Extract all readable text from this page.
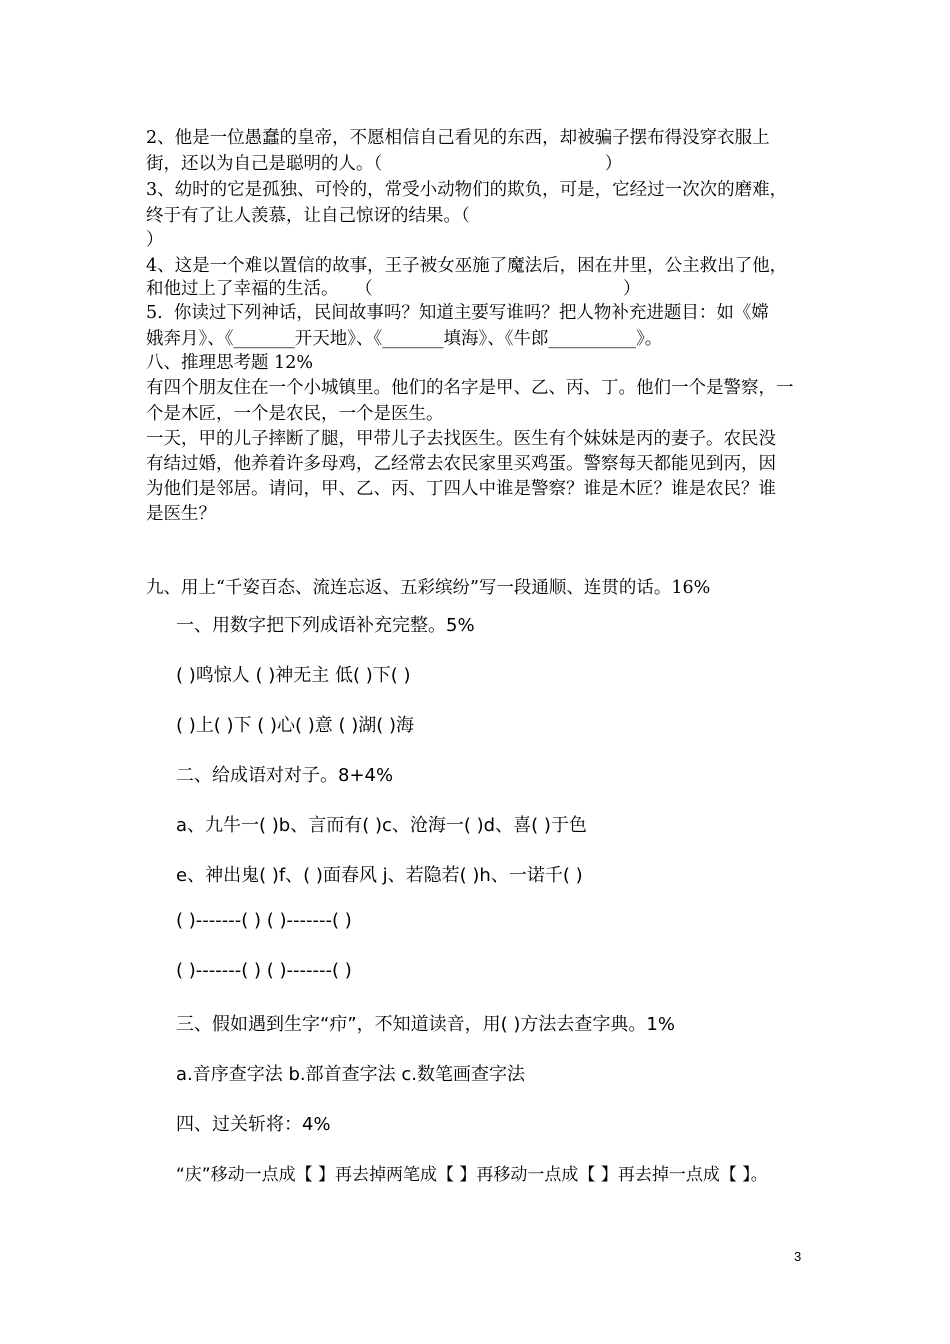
2、他是一位愚蠢的皇帝，不愿相信自己看见的东西，却被骗子摆布得没穿衣服上
街，还以为自己是聪明的人。（                                        ）
3、幼时的它是孤独、可怜的，常受小动物们的欺负，可是，它经过一次次的磨难，
终于有了让人羡慕，让自己惊讶的结果。（
）
4、这是一个难以置信的故事，王子被女巫施了魔法后，困在井里，公主救出了他，
和他过上了幸福的生活。   （                                             ）
5.  你读过下列神话，民间故事吗？知道主要写谁吗？把人物补充进题目：如《嫦
娥奔月》、《_______开天地》、《_______填海》、《牛郎__________》。
八、推理思考题 12%
有四个朋友住在一个小城镇里。他们的名字是甲、乙、丙、丁。他们一个是警察，一
个是木匠，一个是农民，一个是医生。
一天，甲的儿子摔断了腿，甲带儿子去找医生。医生有个妹妹是丙的妻子。农民没
有结过婚，他养着许多母鸡，乙经常去农民家里买鸡蛋。警察每天都能见到丙，因
为他们是邻居。请问，甲、乙、丙、丁四人中谁是警察？谁是木匠？谁是农民？谁
是医生？
九、用上“千姿百态、流连忘返、五彩缤纷”写一段通顺、连贯的话。16%
一、用数字把下列成语补充完整。5%
( )鸣惊人 ( )神无主 低( )下( )
( )上( )下 ( )心( )意 ( )湖( )海
二、给成语对对子。8+4%
a、九牛一( )b、言而有( )c、沧海一( )d、喜( )于色
e、神出鬼( )f、( )面春风 j、若隐若( )h、一诺千( )
( )-------( ) ( )-------( )
( )-------( ) ( )-------( )
三、假如遇到生字“疖”，不知道读音，用( )方法去查字典。1%
a.音序查字法 b.部首查字法 c.数笔画查字法
四、过关斩将：4%
“庆”移动一点成【 】再去掉两笔成【 】再移动一点成【 】再去掉一点成【 】。
3
